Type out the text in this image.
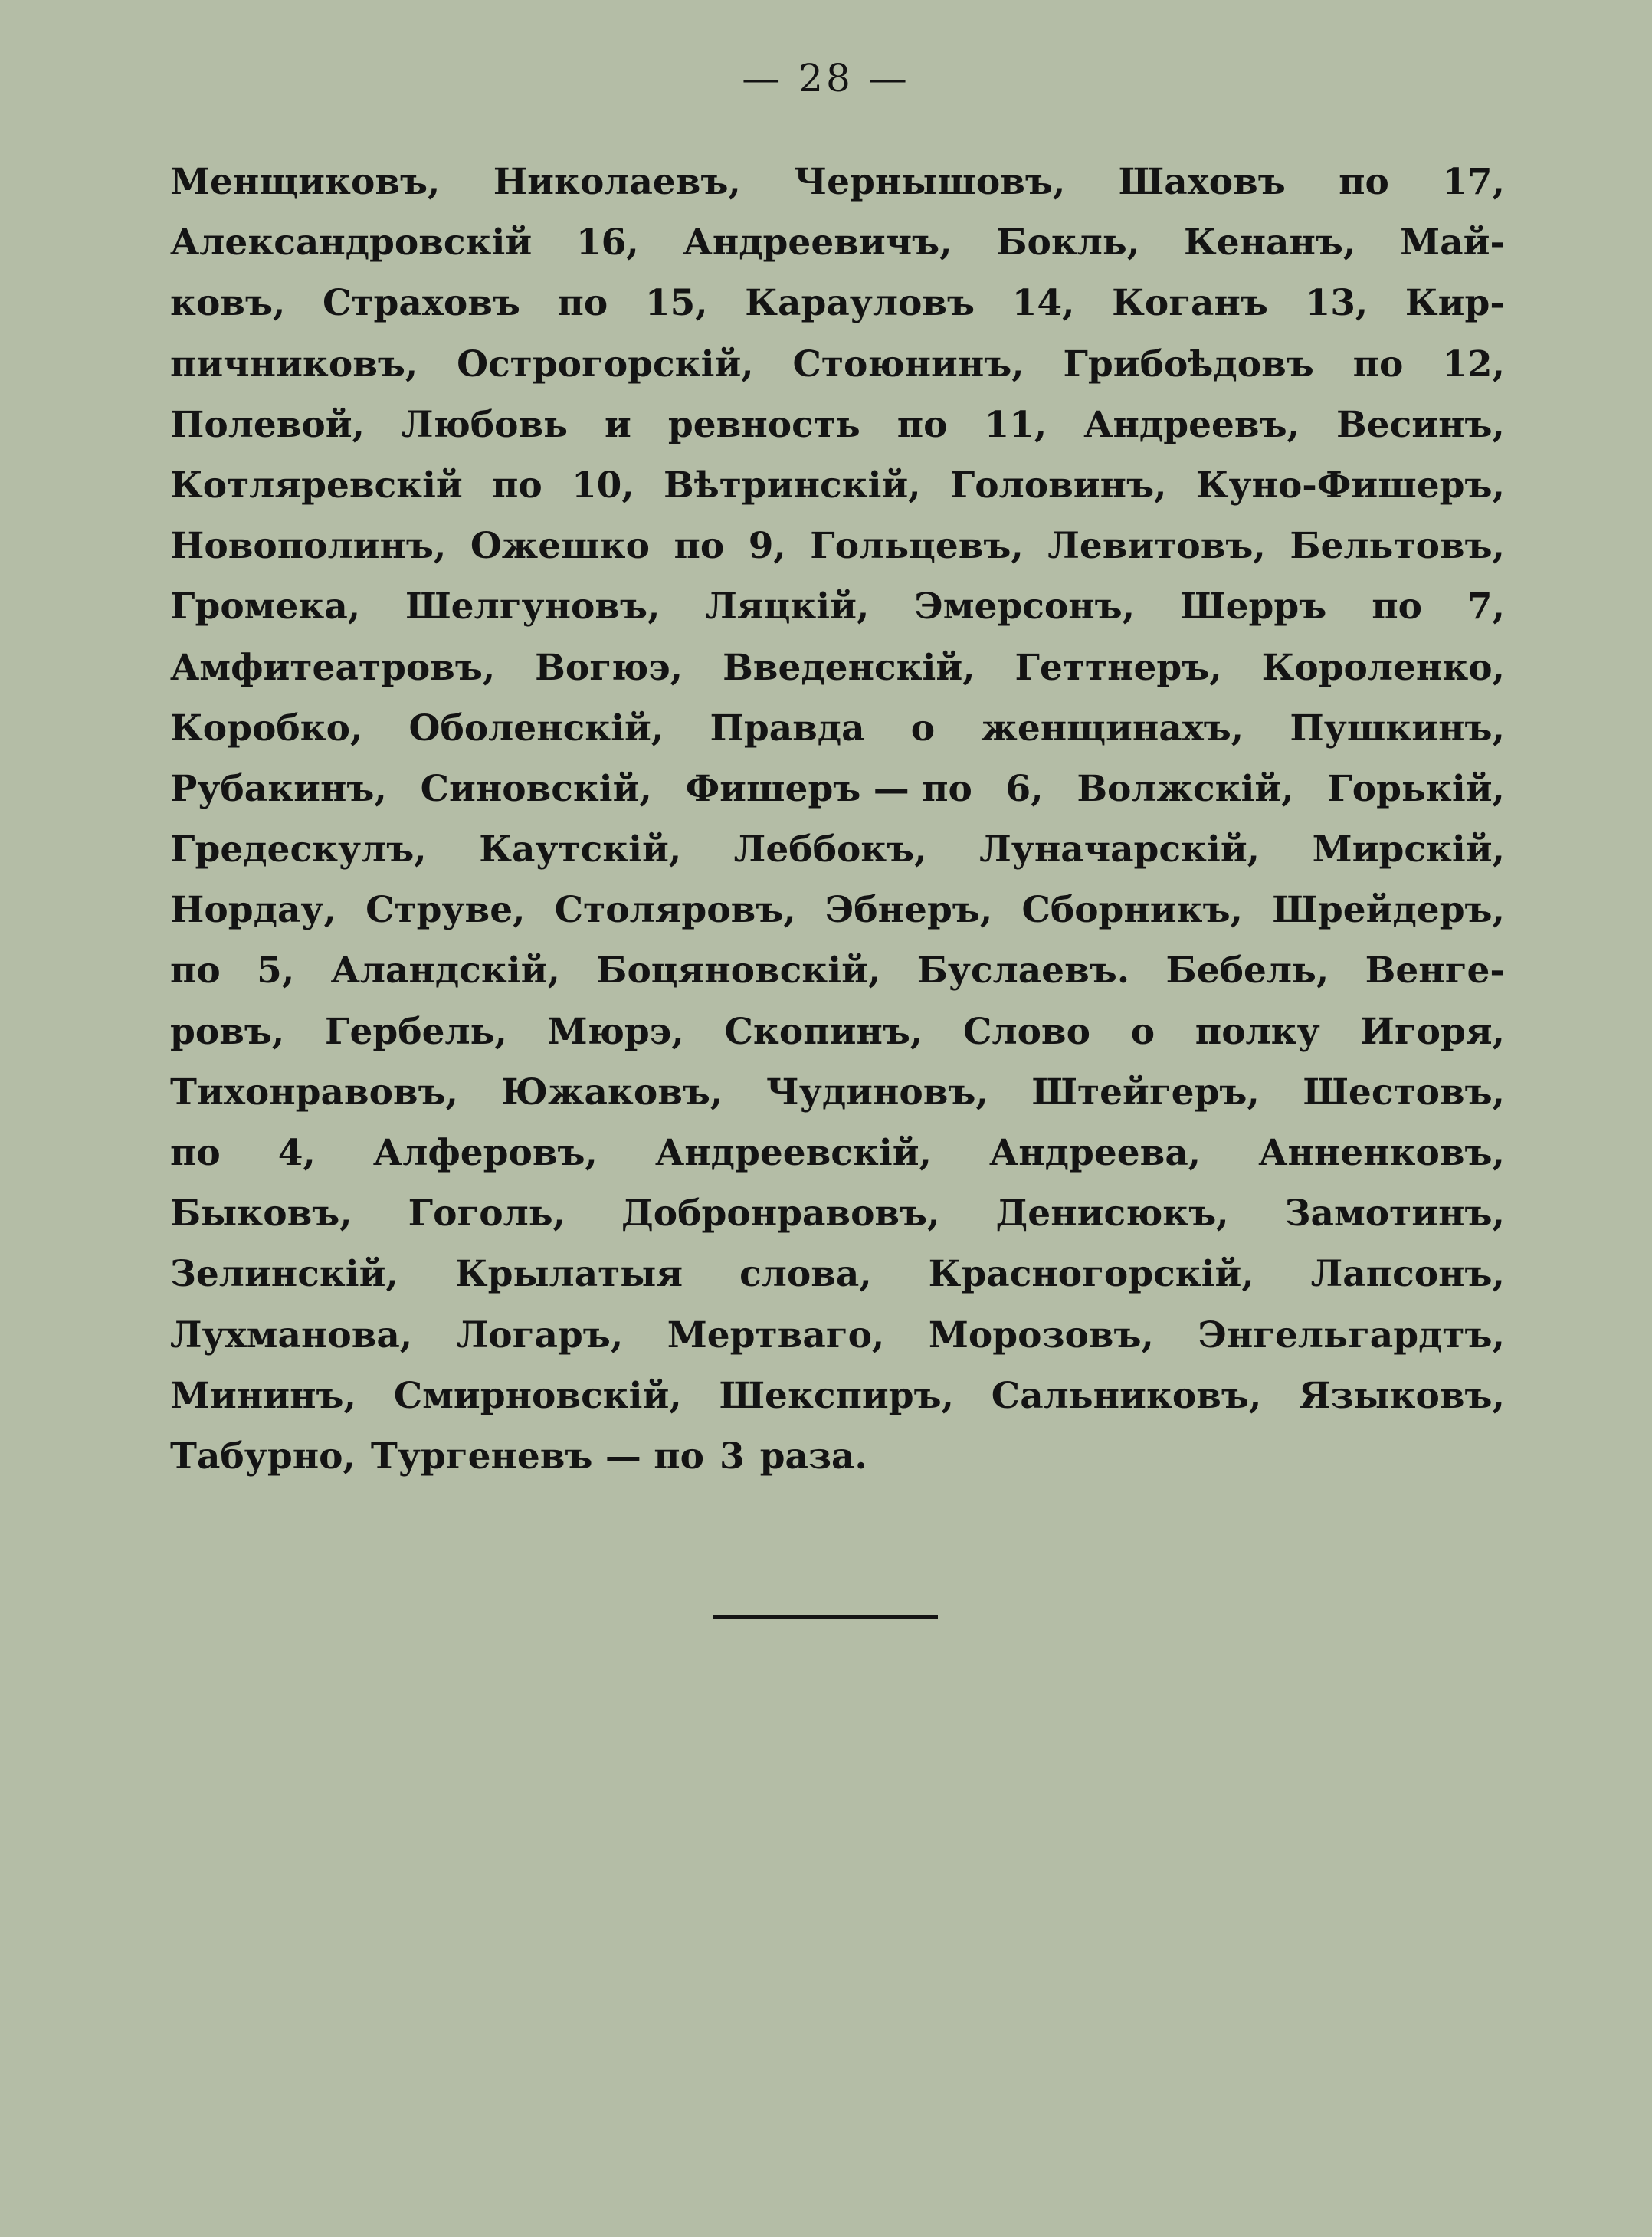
— 28 —
Менщиковъ, Николаевъ, Чернышовъ, Шаховъ по 17,
Александровскій 16, Андреевичъ, Бокль, Кенанъ, Май-
ковъ, Страховъ по 15, Карауловъ 14, Коганъ 13, Кир-
пичниковъ, Острогорскій, Стоюнинъ, Грибоѣдовъ по 12,
Полевой, Любовь и ревность по 11, Андреевъ, Весинъ,
Котляревскій по 10, Вѣтринскій, Головинъ, Куно-Фишеръ,
Новополинъ, Ожешко по 9, Гольцевъ, Левитовъ, Бельтовъ,
Громека, Шелгуновъ, Ляцкій, Эмерсонъ, Шерръ по 7,
Амфитеатровъ, Вогюэ, Введенскій, Геттнеръ, Короленко,
Коробко, Оболенскій, Правда о женщинахъ, Пушкинъ,
Рубакинъ, Синовскій, Фишеръ — по 6, Волжскій, Горькій,
Гредескулъ, Каутскій, Леббокъ, Луначарскій, Мирскій,
Нордау, Струве, Столяровъ, Эбнеръ, Сборникъ, Шрейдеръ,
по 5, Аландскій, Боцяновскій, Буслаевъ. Бебель, Венге-
ровъ, Гербель, Мюрэ, Скопинъ, Слово о полку Игоря,
Тихонравовъ, Южаковъ, Чудиновъ, Штейгеръ, Шестовъ,
по 4, Алферовъ, Андреевскій, Андреева, Анненковъ,
Быковъ, Гоголь, Добронравовъ, Денисюкъ, Замотинъ,
Зелинскій, Крылатыя слова, Красногорскій, Лапсонъ,
Лухманова, Логаръ, Мертваго, Морозовъ, Энгельгардтъ,
Мининъ, Смирновскій, Шекспиръ, Сальниковъ, Языковъ,
Табурно, Тургеневъ — по 3 раза.
